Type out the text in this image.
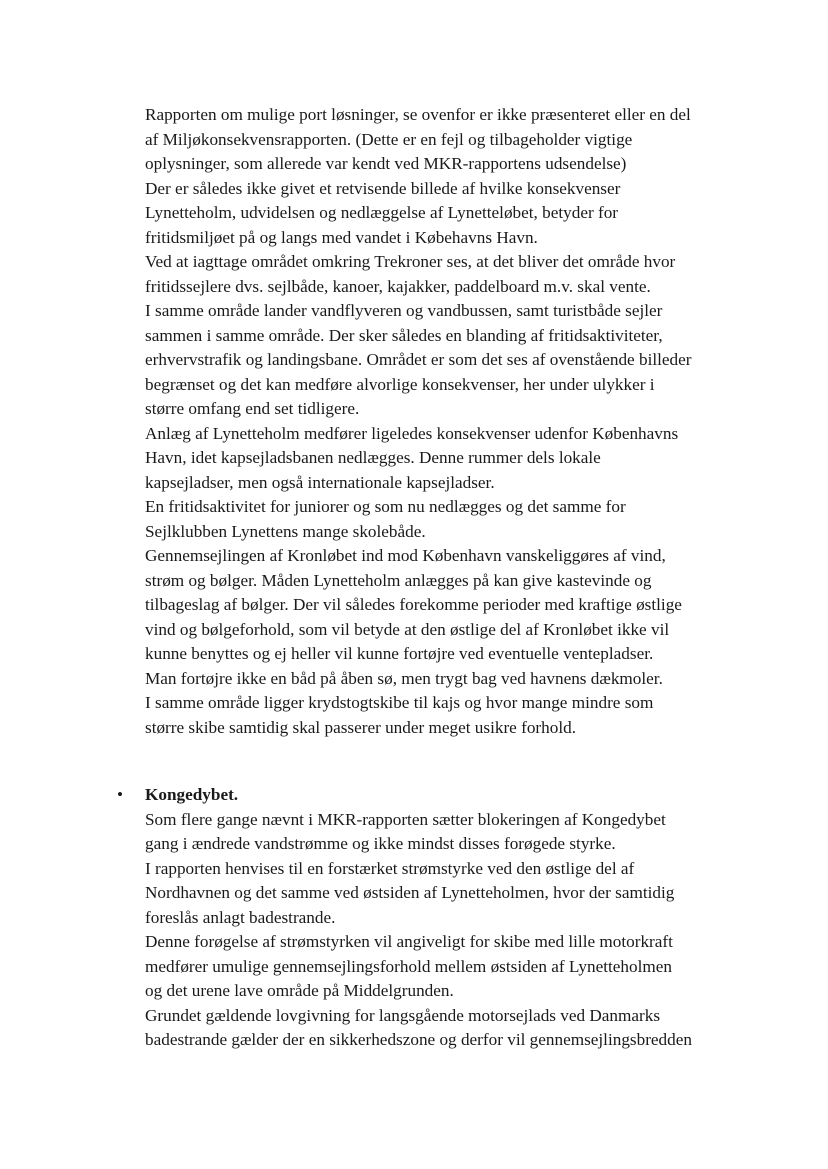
Rapporten om mulige port løsninger, se ovenfor er ikke præsenteret eller en del
af Miljøkonsekvensrapporten. (Dette er en fejl og tilbageholder vigtige
oplysninger, som allerede var kendt ved MKR-rapportens udsendelse)
Der er således ikke givet et retvisende billede af hvilke konsekvenser
Lynetteholm, udvidelsen og nedlæggelse af Lynetteløbet, betyder for
fritidsmiljøet på og langs med vandet i Købehavns Havn.
Ved at iagttage området omkring Trekroner ses, at det bliver det område hvor
fritidssejlere dvs. sejlbåde, kanoer, kajakker, paddelboard m.v. skal vente.
I samme område lander vandflyveren og vandbussen, samt turistbåde sejler
sammen i samme område. Der sker således en blanding af fritidsaktiviteter,
erhvervstrafik og landingsbane. Området er som det ses af ovenstående billeder
begrænset og det kan medføre alvorlige konsekvenser, her under ulykker i
større omfang end set tidligere.
Anlæg af Lynetteholm medfører ligeledes konsekvenser udenfor Københavns
Havn, idet kapsejladsbanen nedlægges. Denne rummer dels lokale
kapsejladser, men også internationale kapsejladser.
En fritidsaktivitet for juniorer og som nu nedlægges og det samme for
Sejlklubben Lynettens mange skolebåde.
Gennemsejlingen af Kronløbet ind mod København vanskeliggøres af vind,
strøm og bølger. Måden Lynetteholm anlægges på kan give kastevinde og
tilbageslag af bølger. Der vil således forekomme perioder med kraftige østlige
vind og bølgeforhold, som vil betyde at den østlige del af Kronløbet ikke vil
kunne benyttes og ej heller vil kunne fortøjre ved eventuelle ventepladser.
Man fortøjre ikke en båd på åben sø, men trygt bag ved havnens dækmoler.
I samme område ligger krydstogtskibe til kajs og hvor mange mindre som
større skibe samtidig skal passerer under meget usikre forhold.
• Kongedybet.
Som flere gange nævnt i MKR-rapporten sætter blokeringen af Kongedybet
gang i ændrede vandstrømme og ikke mindst disses forøgede styrke.
I rapporten henvises til en forstærket strømstyrke ved den østlige del af
Nordhavnen og det samme ved østsiden af Lynetteholmen, hvor der samtidig
foreslås anlagt badestrande.
Denne forøgelse af strømstyrken vil angiveligt for skibe med lille motorkraft
medfører umulige gennemsejlingsforhold mellem østsiden af Lynetteholmen
og det urene lave område på Middelgrunden.
Grundet gældende lovgivning for langsgående motorsejlads ved Danmarks
badestrande gælder der en sikkerhedszone og derfor vil gennemsejlingsbredden
